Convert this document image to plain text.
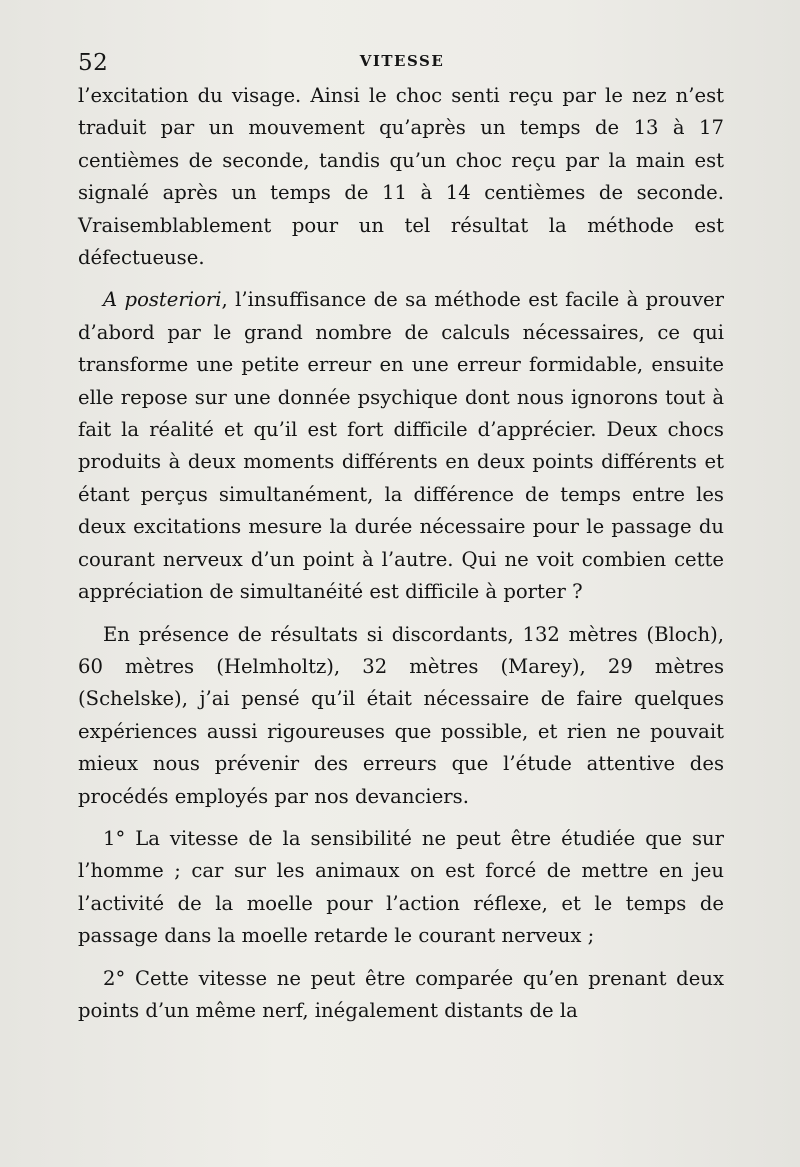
52	VITESSE

l’excitation du visage. Ainsi le choc senti reçu par le nez n’est traduit par un mouvement qu’après un temps de 13 à 17 centièmes de seconde, tandis qu’un choc reçu par la main est signalé après un temps de 11 à 14 centièmes de seconde. Vraisemblablement pour un tel résultat la méthode est défectueuse.

A posteriori, l’insuffisance de sa méthode est facile à prouver d’abord par le grand nombre de calculs nécessaires, ce qui transforme une petite erreur en une erreur formidable, ensuite elle repose sur une donnée psychique dont nous ignorons tout à fait la réalité et qu’il est fort difficile d’apprécier. Deux chocs produits à deux moments différents en deux points différents et étant perçus simultanément, la différence de temps entre les deux excitations mesure la durée nécessaire pour le passage du courant nerveux d’un point à l’autre. Qui ne voit combien cette appréciation de simultanéité est difficile à porter ?

En présence de résultats si discordants, 132 mètres (Bloch), 60 mètres (Helmholtz), 32 mètres (Marey), 29 mètres (Schelske), j’ai pensé qu’il était nécessaire de faire quelques expériences aussi rigoureuses que possible, et rien ne pouvait mieux nous prévenir des erreurs que l’étude attentive des procédés employés par nos devanciers.

1° La vitesse de la sensibilité ne peut être étudiée que sur l’homme ; car sur les animaux on est forcé de mettre en jeu l’activité de la moelle pour l’action réflexe, et le temps de passage dans la moelle retarde le courant nerveux ;

2° Cette vitesse ne peut être comparée qu’en prenant deux points d’un même nerf, inégalement distants de la
